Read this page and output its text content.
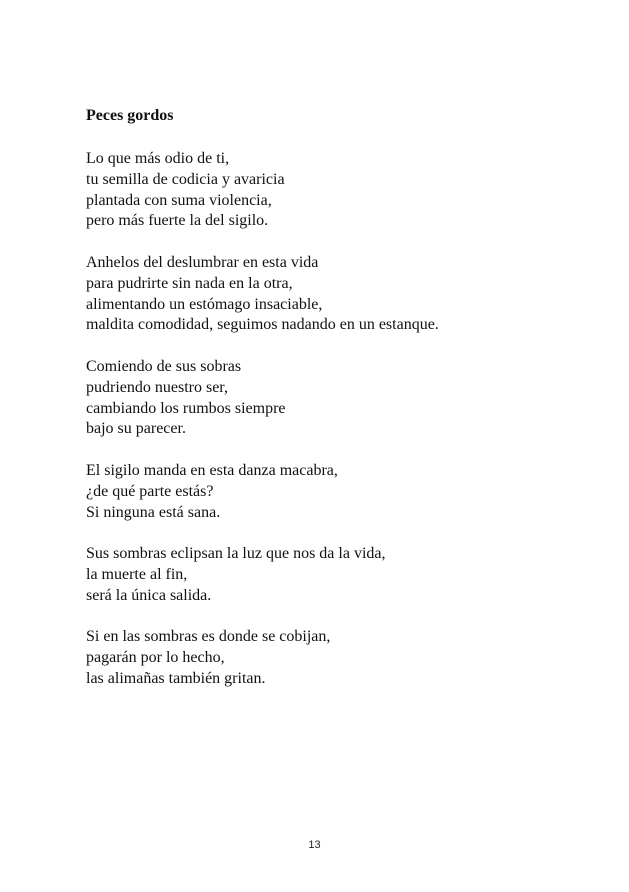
Peces gordos
Lo que más odio de ti,
tu semilla de codicia y avaricia
plantada con suma violencia,
pero más fuerte la del sigilo.
Anhelos del deslumbrar en esta vida
para pudrirte sin nada en la otra,
alimentando un estómago insaciable,
maldita comodidad, seguimos nadando en un estanque.
Comiendo de sus sobras
pudriendo nuestro ser,
cambiando los rumbos siempre
bajo su parecer.
El sigilo manda en esta danza macabra,
¿de qué parte estás?
Si ninguna está sana.
Sus sombras eclipsan la luz que nos da la vida,
la muerte al fin,
será la única salida.
Si en las sombras es donde se cobijan,
pagarán por lo hecho,
las alimañas también gritan.
13
